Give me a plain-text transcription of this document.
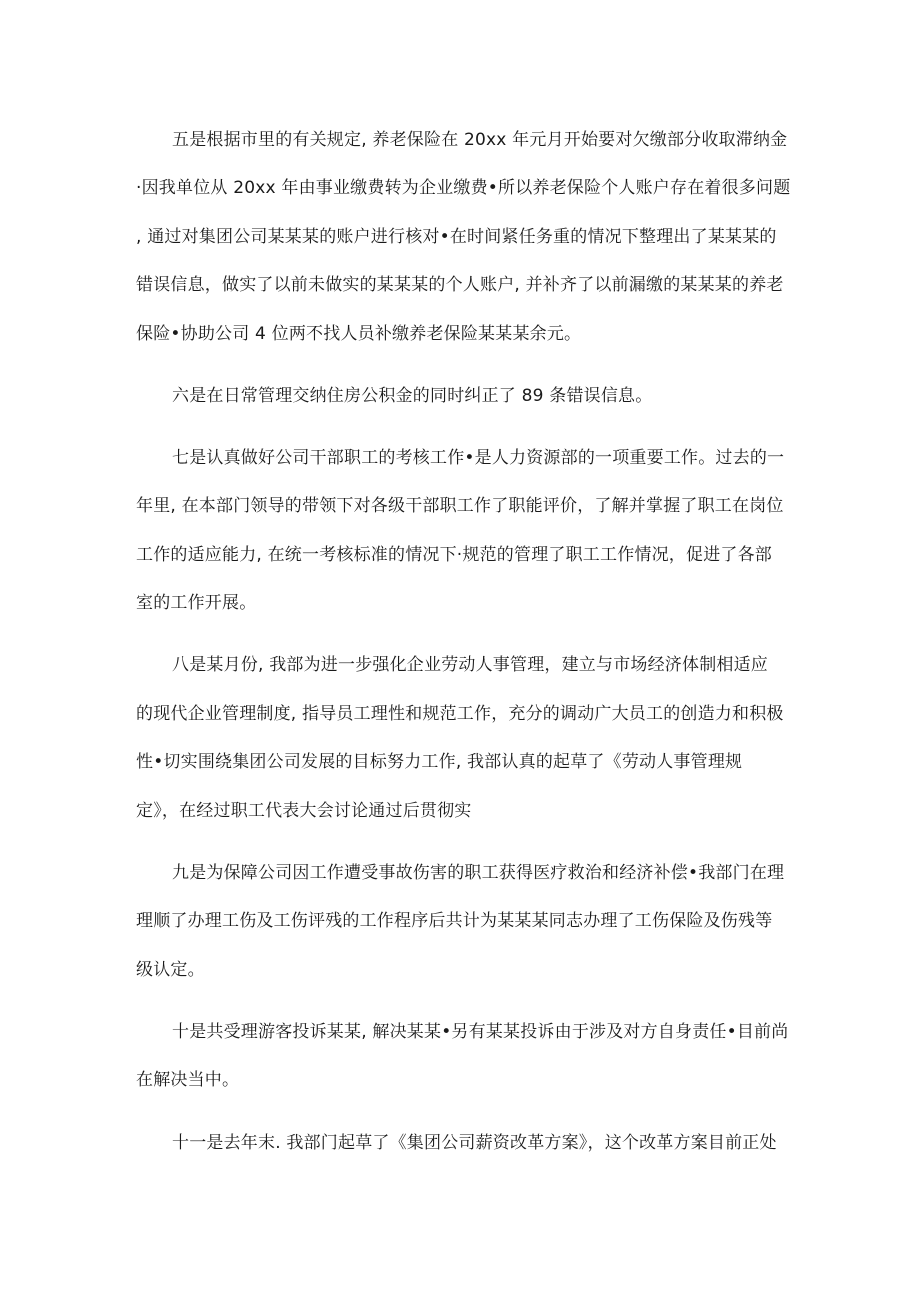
五是根据市里的有关规定, 养老保险在 20xx 年元月开始要对欠缴部分收取滞纳金
·因我单位从 20xx 年由事业缴费转为企业缴费•所以养老保险个人账户存在着很多问题
, 通过对集团公司某某某的账户进行核对•在时间紧任务重的情况下整理出了某某某的
错误信息，做实了以前未做实的某某某的个人账户, 并补齐了以前漏缴的某某某的养老
保险•协助公司 4 位两不找人员补缴养老保险某某某余元。
六是在日常管理交纳住房公积金的同时纠正了 89 条错误信息。
七是认真做好公司干部职工的考核工作•是人力资源部的一项重要工作。过去的一
年里, 在本部门领导的带领下对各级干部职工作了职能评价，了解并掌握了职工在岗位
工作的适应能力, 在统一考核标准的情况下·规范的管理了职工工作情况，促进了各部
室的工作开展。
八是某月份, 我部为进一步强化企业劳动人事管理，建立与市场经济体制相适应
的现代企业管理制度, 指导员工理性和规范工作，充分的调动广大员工的创造力和积极
性•切实围绕集团公司发展的目标努力工作, 我部认真的起草了《劳动人事管理规
定》，在经过职工代表大会讨论通过后贯彻实
九是为保障公司因工作遭受事故伤害的职工获得医疗救治和经济补偿•我部门在理
理顺了办理工伤及工伤评残的工作程序后共计为某某某同志办理了工伤保险及伤残等
级认定。
十是共受理游客投诉某某, 解决某某•另有某某投诉由于涉及对方自身责任•目前尚
在解决当中。
十一是去年末. 我部门起草了《集团公司薪资改革方案》，这个改革方案目前正处
